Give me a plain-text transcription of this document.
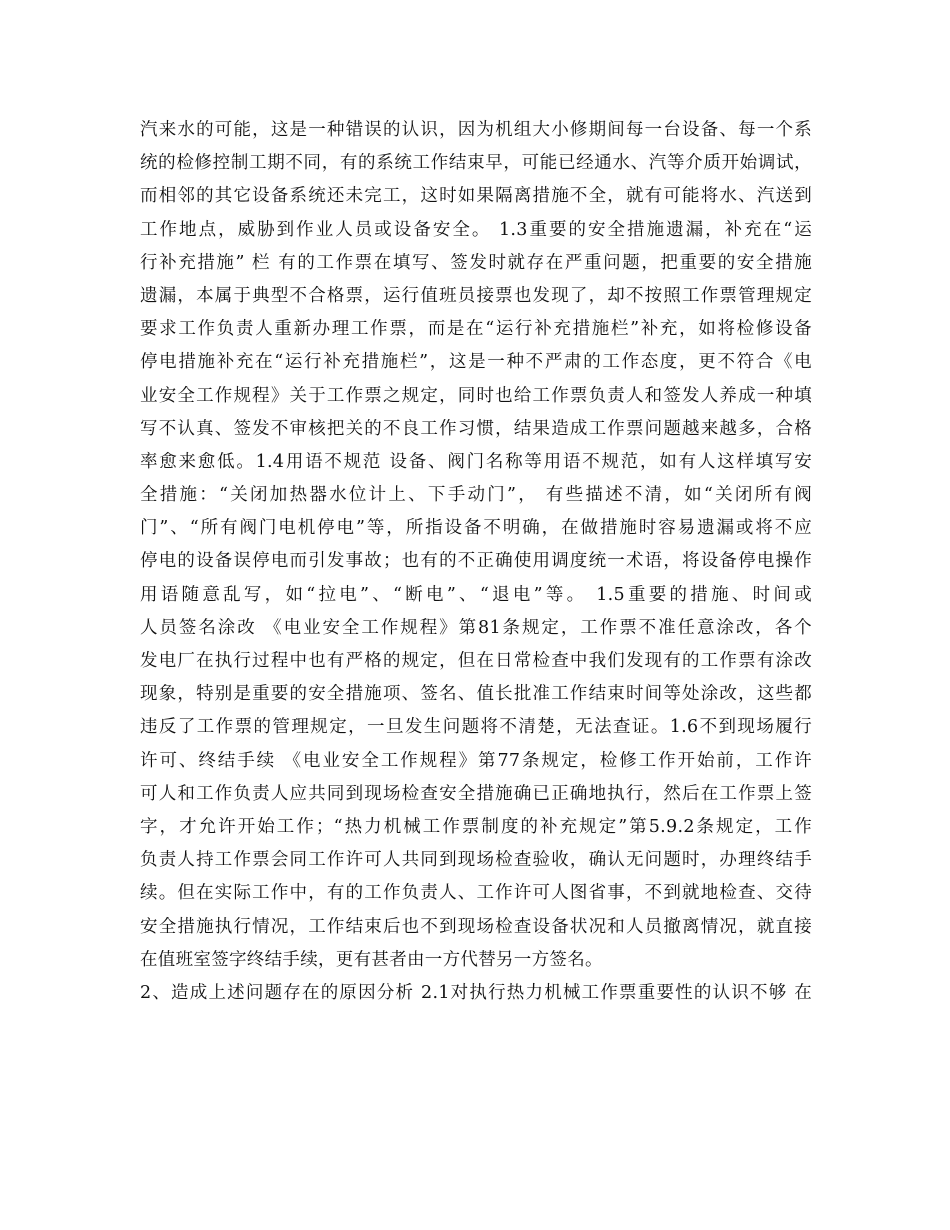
汽来水的可能，这是一种错误的认识，因为机组大小修期间每一台设备、每一个系
统的检修控制工期不同，有的系统工作结束早，可能已经通水、汽等介质开始调试，
而相邻的其它设备系统还未完工，这时如果隔离措施不全，就有可能将水、汽送到
工作地点，威胁到作业人员或设备安全。 1.3重要的安全措施遗漏，补充在“运
行补充措施” 栏 有的工作票在填写、签发时就存在严重问题，把重要的安全措施
遗漏，本属于典型不合格票，运行值班员接票也发现了，却不按照工作票管理规定
要求工作负责人重新办理工作票，而是在“运行补充措施栏”补充，如将检修设备
停电措施补充在“运行补充措施栏”，这是一种不严肃的工作态度，更不符合《电
业安全工作规程》关于工作票之规定，同时也给工作票负责人和签发人养成一种填
写不认真、签发不审核把关的不良工作习惯，结果造成工作票问题越来越多，合格
率愈来愈低。1.4用语不规范 设备、阀门名称等用语不规范，如有人这样填写安
全措施：“关闭加热器水位计上、下手动门”， 有些描述不清，如“关闭所有阀
门”、“所有阀门电机停电”等，所指设备不明确，在做措施时容易遗漏或将不应
停电的设备误停电而引发事故；也有的不正确使用调度统一术语，将设备停电操作
用语随意乱写，如“拉电”、“断电”、“退电”等。 1.5重要的措施、时间或
人员签名涂改 《电业安全工作规程》第81条规定，工作票不准任意涂改，各个
发电厂在执行过程中也有严格的规定，但在日常检查中我们发现有的工作票有涂改
现象，特别是重要的安全措施项、签名、值长批准工作结束时间等处涂改，这些都
违反了工作票的管理规定，一旦发生问题将不清楚，无法查证。1.6不到现场履行
许可、终结手续 《电业安全工作规程》第77条规定，检修工作开始前，工作许
可人和工作负责人应共同到现场检查安全措施确已正确地执行，然后在工作票上签
字，才允许开始工作；“热力机械工作票制度的补充规定”第5.9.2条规定，工作
负责人持工作票会同工作许可人共同到现场检查验收，确认无问题时，办理终结手
续。但在实际工作中，有的工作负责人、工作许可人图省事，不到就地检查、交待
安全措施执行情况，工作结束后也不到现场检查设备状况和人员撤离情况，就直接
在值班室签字终结手续，更有甚者由一方代替另一方签名。
2、造成上述问题存在的原因分析 2.1对执行热力机械工作票重要性的认识不够 在
